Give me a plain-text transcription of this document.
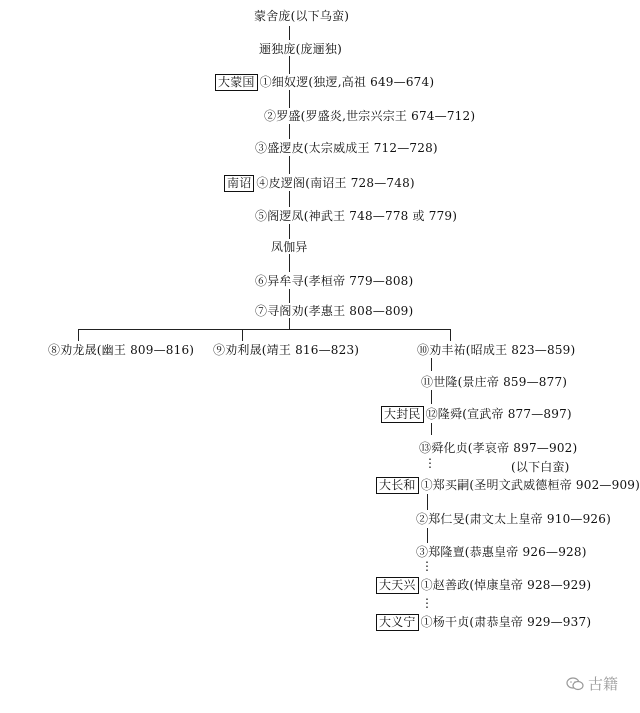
⋮
⋮
⋮
蒙舍庞(以下乌蛮)
逦独庞(庞逦独)
大蒙国 ①细奴逻(独逻,高祖 649—674)
②罗盛(罗盛炎,世宗兴宗王 674—712)
③盛逻皮(太宗威成王 712—728)
南诏 ④皮逻阁(南诏王 728—748)
⑤阁逻凤(神武王 748—778 或 779)
凤伽异
⑥异牟寻(孝桓帝 779—808)
⑦寻阁劝(孝惠王 808—809)
⑧劝龙晟(幽王 809—816) ⑨劝利晟(靖王 816—823)	⑩劝丰祐(昭成王 823—859)
⑪世隆(景庄帝 859—877)
大封民 ⑫隆舜(宣武帝 877—897)
⑬舜化贞(孝哀帝 897—902)
(以下白蛮)
大长和 ①郑买嗣(圣明文武威德桓帝 902—909)
②郑仁旻(肃文太上皇帝 910—926)
③郑隆亶(恭惠皇帝 926—928)
大天兴 ①赵善政(悼康皇帝 928—929)
大义宁 ①杨干贞(肃恭皇帝 929—937)
古籍
